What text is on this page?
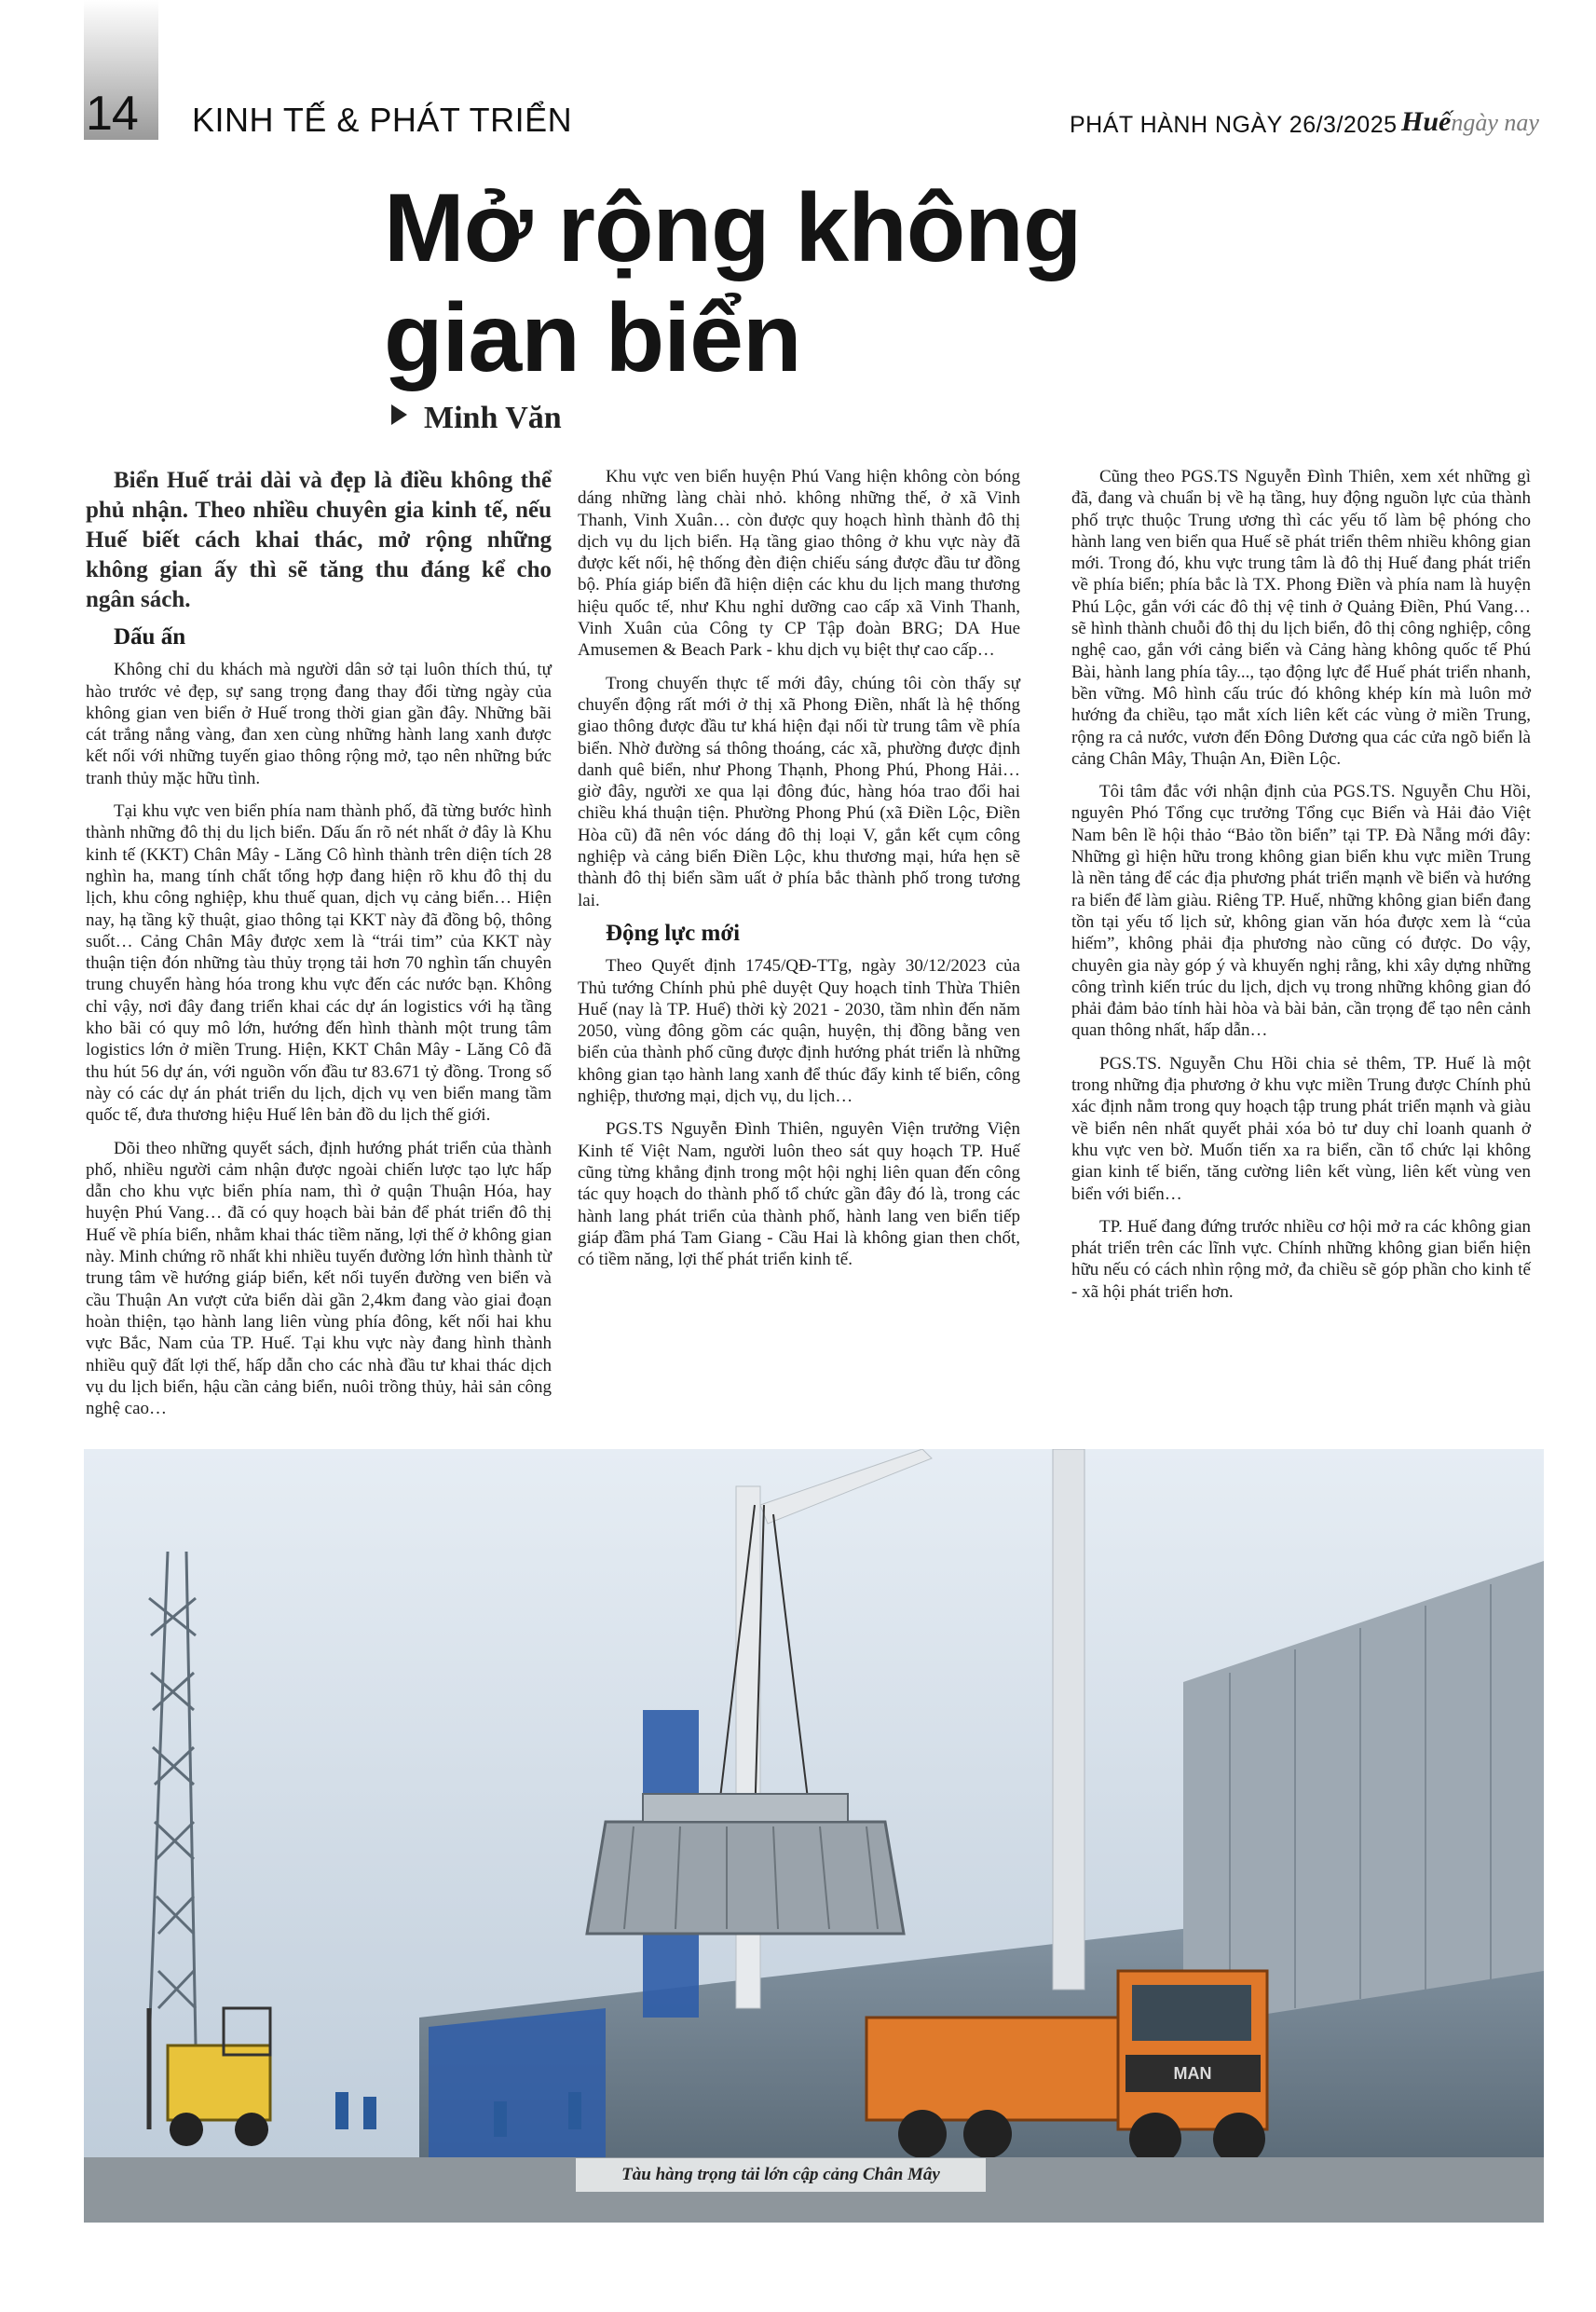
14 KINH TẾ & PHÁT TRIỂN	PHÁT HÀNH NGÀY 26/3/2025 Huếngày nay
Mở rộng không gian biển
Minh Văn

Biển Huế trải dài và đẹp là điều không thể phủ nhận. Theo nhiều chuyên gia kinh tế, nếu Huế biết cách khai thác, mở rộng những không gian ấy thì sẽ tăng thu đáng kể cho ngân sách.

Dấu ấn

Không chỉ du khách mà người dân sở tại luôn thích thú, tự hào trước vẻ đẹp, sự sang trọng đang thay đổi từng ngày của không gian ven biển ở Huế trong thời gian gần đây. Những bãi cát trắng nắng vàng, đan xen cùng những hành lang xanh được kết nối với những tuyến giao thông rộng mở, tạo nên những bức tranh thủy mặc hữu tình.

Tại khu vực ven biển phía nam thành phố, đã từng bước hình thành những đô thị du lịch biển. Dấu ấn rõ nét nhất ở đây là Khu kinh tế (KKT) Chân Mây - Lăng Cô hình thành trên diện tích 28 nghìn ha, mang tính chất tổng hợp đang hiện rõ khu đô thị du lịch, khu công nghiệp, khu thuế quan, dịch vụ cảng biển… Hiện nay, hạ tầng kỹ thuật, giao thông tại KKT này đã đồng bộ, thông suốt… Cảng Chân Mây được xem là “trái tim” của KKT này thuận tiện đón những tàu thủy trọng tải hơn 70 nghìn tấn chuyên trung chuyển hàng hóa trong khu vực đến các nước bạn. Không chỉ vậy, nơi đây đang triển khai các dự án logistics với hạ tầng kho bãi có quy mô lớn, hướng đến hình thành một trung tâm logistics lớn ở miền Trung. Hiện, KKT Chân Mây - Lăng Cô đã thu hút 56 dự án, với nguồn vốn đầu tư 83.671 tỷ đồng. Trong số này có các dự án phát triển du lịch, dịch vụ ven biển mang tầm quốc tế, đưa thương hiệu Huế lên bản đồ du lịch thế giới.

Dõi theo những quyết sách, định hướng phát triển của thành phố, nhiều người cảm nhận được ngoài chiến lược tạo lực hấp dẫn cho khu vực biển phía nam, thì ở quận Thuận Hóa, hay huyện Phú Vang… đã có quy hoạch bài bản để phát triển đô thị Huế về phía biển, nhằm khai thác tiềm năng, lợi thế ở không gian này. Minh chứng rõ nhất khi nhiều tuyến đường lớn hình thành từ trung tâm về hướng giáp biển, kết nối tuyến đường ven biển và cầu Thuận An vượt cửa biển dài gần 2,4km đang vào giai đoạn hoàn thiện, tạo hành lang liên vùng phía đông, kết nối hai khu vực Bắc, Nam của TP. Huế. Tại khu vực này đang hình thành nhiều quỹ đất lợi thế, hấp dẫn cho các nhà đầu tư khai thác dịch vụ du lịch biển, hậu cần cảng biển, nuôi trồng thủy, hải sản công nghệ cao…

Khu vực ven biển huyện Phú Vang hiện không còn bóng dáng những làng chài nhỏ. không những thế, ở xã Vinh Thanh, Vinh Xuân… còn được quy hoạch hình thành đô thị dịch vụ du lịch biển. Hạ tầng giao thông ở khu vực này đã được kết nối, hệ thống đèn điện chiếu sáng được đầu tư đồng bộ. Phía giáp biển đã hiện diện các khu du lịch mang thương hiệu quốc tế, như Khu nghỉ dưỡng cao cấp xã Vinh Thanh, Vinh Xuân của Công ty CP Tập đoàn BRG; DA Hue Amusemen & Beach Park - khu dịch vụ biệt thự cao cấp…

Trong chuyến thực tế mới đây, chúng tôi còn thấy sự chuyển động rất mới ở thị xã Phong Điền, nhất là hệ thống giao thông được đầu tư khá hiện đại nối từ trung tâm về phía biển. Nhờ đường sá thông thoáng, các xã, phường được định danh quê biển, như Phong Thạnh, Phong Phú, Phong Hải… giờ đây, người xe qua lại đông đúc, hàng hóa trao đổi hai chiều khá thuận tiện. Phường Phong Phú (xã Điền Lộc, Điền Hòa cũ) đã nên vóc dáng đô thị loại V, gắn kết cụm công nghiệp và cảng biển Điền Lộc, khu thương mại, hứa hẹn sẽ thành đô thị biển sầm uất ở phía bắc thành phố trong tương lai.

Động lực mới

Theo Quyết định 1745/QĐ-TTg, ngày 30/12/2023 của Thủ tướng Chính phủ phê duyệt Quy hoạch tỉnh Thừa Thiên Huế (nay là TP. Huế) thời kỳ 2021 - 2030, tầm nhìn đến năm 2050, vùng đông gồm các quận, huyện, thị đồng bằng ven biển của thành phố cũng được định hướng phát triển là những không gian tạo hành lang xanh để thúc đẩy kinh tế biển, công nghiệp, thương mại, dịch vụ, du lịch…

PGS.TS Nguyễn Đình Thiên, nguyên Viện trưởng Viện Kinh tế Việt Nam, người luôn theo sát quy hoạch TP. Huế cũng từng khẳng định trong một hội nghị liên quan đến công tác quy hoạch do thành phố tổ chức gần đây đó là, trong các hành lang phát triển của thành phố, hành lang ven biển tiếp giáp đầm phá Tam Giang - Cầu Hai là không gian then chốt, có tiềm năng, lợi thế phát triển kinh tế.

Cũng theo PGS.TS Nguyễn Đình Thiên, xem xét những gì đã, đang và chuẩn bị về hạ tầng, huy động nguồn lực của thành phố trực thuộc Trung ương thì các yếu tố làm bệ phóng cho hành lang ven biển qua Huế sẽ phát triển thêm nhiều không gian mới. Trong đó, khu vực trung tâm là đô thị Huế đang phát triển về phía biển; phía bắc là TX. Phong Điền và phía nam là huyện Phú Lộc, gắn với các đô thị vệ tinh ở Quảng Điền, Phú Vang… sẽ hình thành chuỗi đô thị du lịch biển, đô thị công nghiệp, công nghệ cao, gắn với cảng biển và Cảng hàng không quốc tế Phú Bài, hành lang phía tây..., tạo động lực để Huế phát triển nhanh, bền vững. Mô hình cấu trúc đó không khép kín mà luôn mở hướng đa chiều, tạo mắt xích liên kết các vùng ở miền Trung, rộng ra cả nước, vươn đến Đông Dương qua các cửa ngõ biển là cảng Chân Mây, Thuận An, Điền Lộc.

Tôi tâm đắc với nhận định của PGS.TS. Nguyễn Chu Hồi, nguyên Phó Tổng cục trưởng Tổng cục Biển và Hải đảo Việt Nam bên lề hội thảo “Bảo tồn biển” tại TP. Đà Nẵng mới đây: Những gì hiện hữu trong không gian biển khu vực miền Trung là nền tảng để các địa phương phát triển mạnh về biển và hướng ra biển để làm giàu. Riêng TP. Huế, những không gian biển đang tồn tại yếu tố lịch sử, không gian văn hóa được xem là “của hiếm”, không phải địa phương nào cũng có được. Do vậy, chuyên gia này góp ý và khuyến nghị rằng, khi xây dựng những công trình kiến trúc du lịch, dịch vụ trong những không gian đó phải đảm bảo tính hài hòa và bài bản, cần trọng để tạo nên cảnh quan thông nhất, hấp dẫn…

PGS.TS. Nguyễn Chu Hồi chia sẻ thêm, TP. Huế là một trong những địa phương ở khu vực miền Trung được Chính phủ xác định nằm trong quy hoạch tập trung phát triển mạnh và giàu về biển nên nhất quyết phải xóa bỏ tư duy chỉ loanh quanh ở khu vực ven bờ. Muốn tiến xa ra biển, cần tổ chức lại không gian kinh tế biển, tăng cường liên kết vùng, liên kết vùng ven biển với biển…

TP. Huế đang đứng trước nhiều cơ hội mở ra các không gian phát triển trên các lĩnh vực. Chính những không gian biển hiện hữu nếu có cách nhìn rộng mở, đa chiều sẽ góp phần cho kinh tế - xã hội phát triển hơn.

MAN
Tàu hàng trọng tải lớn cập cảng Chân Mây
